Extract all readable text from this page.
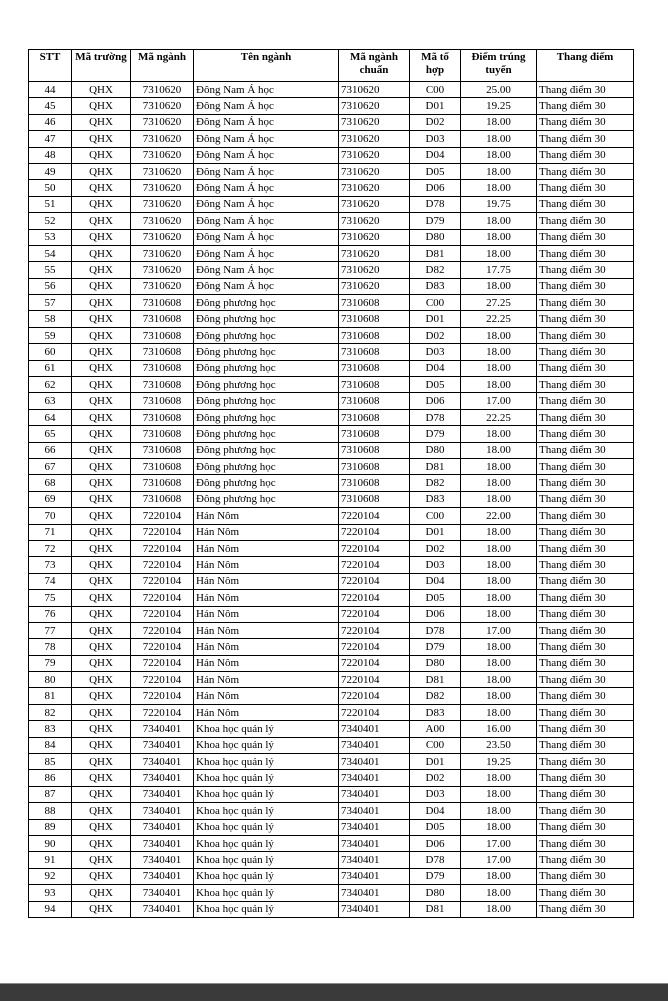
STT	Mã trường	Mã ngành	Tên ngành	Mã ngành chuẩn	Mã tổ hợp	Điểm trúng tuyển	Thang điểm
44	QHX	7310620	Đông Nam Á học	7310620	C00	25.00	Thang điểm 30
45	QHX	7310620	Đông Nam Á học	7310620	D01	19.25	Thang điểm 30
46	QHX	7310620	Đông Nam Á học	7310620	D02	18.00	Thang điểm 30
47	QHX	7310620	Đông Nam Á học	7310620	D03	18.00	Thang điểm 30
48	QHX	7310620	Đông Nam Á học	7310620	D04	18.00	Thang điểm 30
49	QHX	7310620	Đông Nam Á học	7310620	D05	18.00	Thang điểm 30
50	QHX	7310620	Đông Nam Á học	7310620	D06	18.00	Thang điểm 30
51	QHX	7310620	Đông Nam Á học	7310620	D78	19.75	Thang điểm 30
52	QHX	7310620	Đông Nam Á học	7310620	D79	18.00	Thang điểm 30
53	QHX	7310620	Đông Nam Á học	7310620	D80	18.00	Thang điểm 30
54	QHX	7310620	Đông Nam Á học	7310620	D81	18.00	Thang điểm 30
55	QHX	7310620	Đông Nam Á học	7310620	D82	17.75	Thang điểm 30
56	QHX	7310620	Đông Nam Á học	7310620	D83	18.00	Thang điểm 30
57	QHX	7310608	Đông phương học	7310608	C00	27.25	Thang điểm 30
58	QHX	7310608	Đông phương học	7310608	D01	22.25	Thang điểm 30
59	QHX	7310608	Đông phương học	7310608	D02	18.00	Thang điểm 30
60	QHX	7310608	Đông phương học	7310608	D03	18.00	Thang điểm 30
61	QHX	7310608	Đông phương học	7310608	D04	18.00	Thang điểm 30
62	QHX	7310608	Đông phương học	7310608	D05	18.00	Thang điểm 30
63	QHX	7310608	Đông phương học	7310608	D06	17.00	Thang điểm 30
64	QHX	7310608	Đông phương học	7310608	D78	22.25	Thang điểm 30
65	QHX	7310608	Đông phương học	7310608	D79	18.00	Thang điểm 30
66	QHX	7310608	Đông phương học	7310608	D80	18.00	Thang điểm 30
67	QHX	7310608	Đông phương học	7310608	D81	18.00	Thang điểm 30
68	QHX	7310608	Đông phương học	7310608	D82	18.00	Thang điểm 30
69	QHX	7310608	Đông phương học	7310608	D83	18.00	Thang điểm 30
70	QHX	7220104	Hán Nôm	7220104	C00	22.00	Thang điểm 30
71	QHX	7220104	Hán Nôm	7220104	D01	18.00	Thang điểm 30
72	QHX	7220104	Hán Nôm	7220104	D02	18.00	Thang điểm 30
73	QHX	7220104	Hán Nôm	7220104	D03	18.00	Thang điểm 30
74	QHX	7220104	Hán Nôm	7220104	D04	18.00	Thang điểm 30
75	QHX	7220104	Hán Nôm	7220104	D05	18.00	Thang điểm 30
76	QHX	7220104	Hán Nôm	7220104	D06	18.00	Thang điểm 30
77	QHX	7220104	Hán Nôm	7220104	D78	17.00	Thang điểm 30
78	QHX	7220104	Hán Nôm	7220104	D79	18.00	Thang điểm 30
79	QHX	7220104	Hán Nôm	7220104	D80	18.00	Thang điểm 30
80	QHX	7220104	Hán Nôm	7220104	D81	18.00	Thang điểm 30
81	QHX	7220104	Hán Nôm	7220104	D82	18.00	Thang điểm 30
82	QHX	7220104	Hán Nôm	7220104	D83	18.00	Thang điểm 30
83	QHX	7340401	Khoa học quản lý	7340401	A00	16.00	Thang điểm 30
84	QHX	7340401	Khoa học quản lý	7340401	C00	23.50	Thang điểm 30
85	QHX	7340401	Khoa học quản lý	7340401	D01	19.25	Thang điểm 30
86	QHX	7340401	Khoa học quản lý	7340401	D02	18.00	Thang điểm 30
87	QHX	7340401	Khoa học quản lý	7340401	D03	18.00	Thang điểm 30
88	QHX	7340401	Khoa học quản lý	7340401	D04	18.00	Thang điểm 30
89	QHX	7340401	Khoa học quản lý	7340401	D05	18.00	Thang điểm 30
90	QHX	7340401	Khoa học quản lý	7340401	D06	17.00	Thang điểm 30
91	QHX	7340401	Khoa học quản lý	7340401	D78	17.00	Thang điểm 30
92	QHX	7340401	Khoa học quản lý	7340401	D79	18.00	Thang điểm 30
93	QHX	7340401	Khoa học quản lý	7340401	D80	18.00	Thang điểm 30
94	QHX	7340401	Khoa học quản lý	7340401	D81	18.00	Thang điểm 30
